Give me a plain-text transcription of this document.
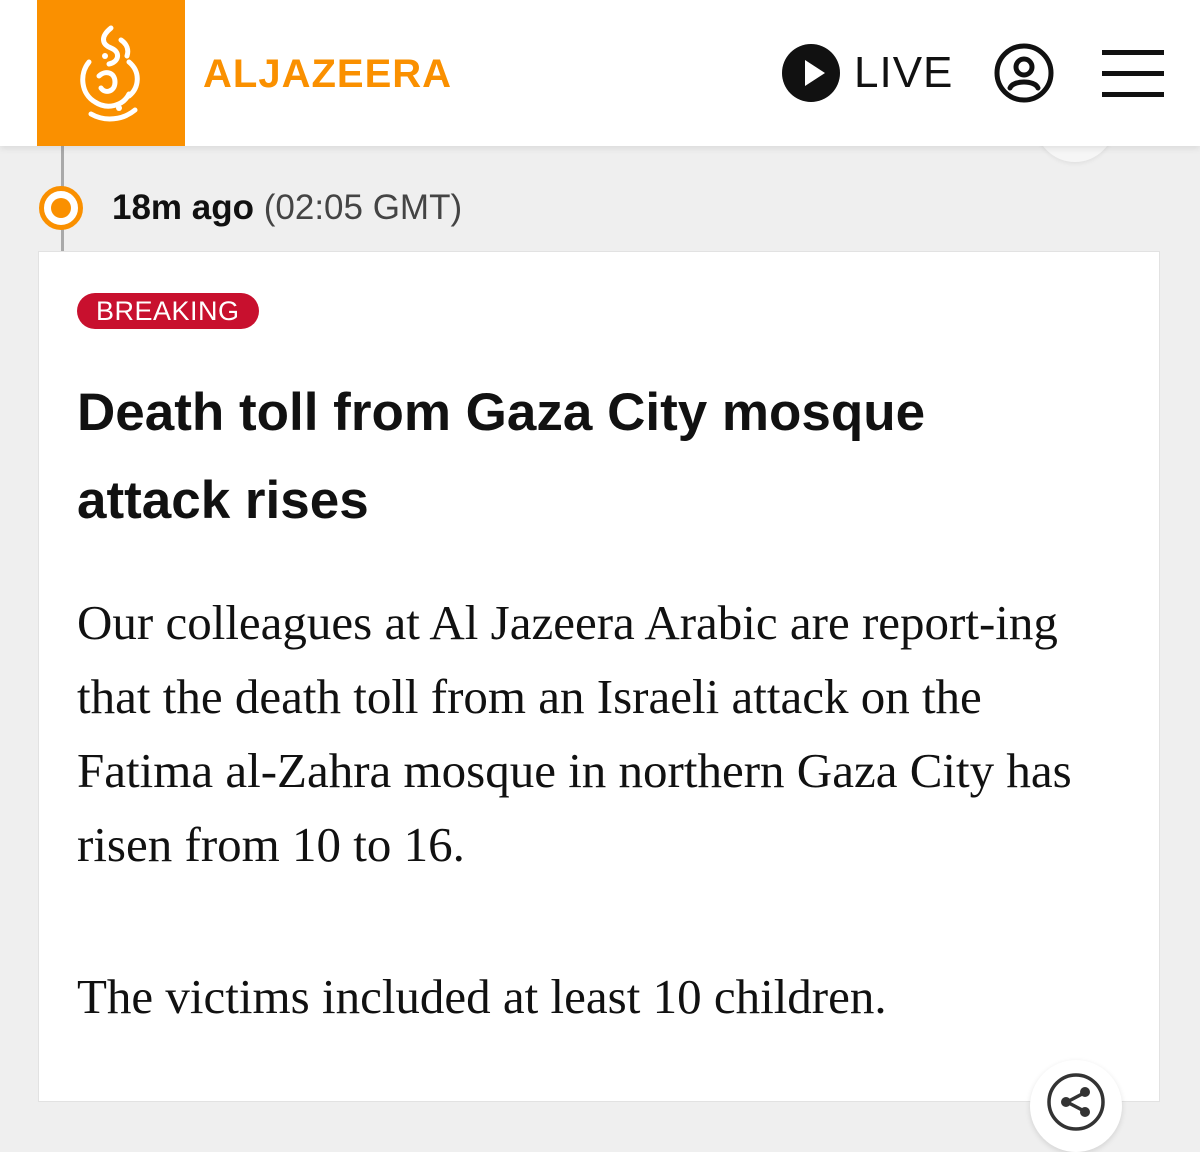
ALJAZEERA	LIVE
18m ago (02:05 GMT)
BREAKING
Death toll from Gaza City mosque attack rises

Our colleagues at Al Jazeera Arabic are report-ing that the death toll from an Israeli attack on the Fatima al-Zahra mosque in northern Gaza City has risen from 10 to 16.

The victims included at least 10 children.
